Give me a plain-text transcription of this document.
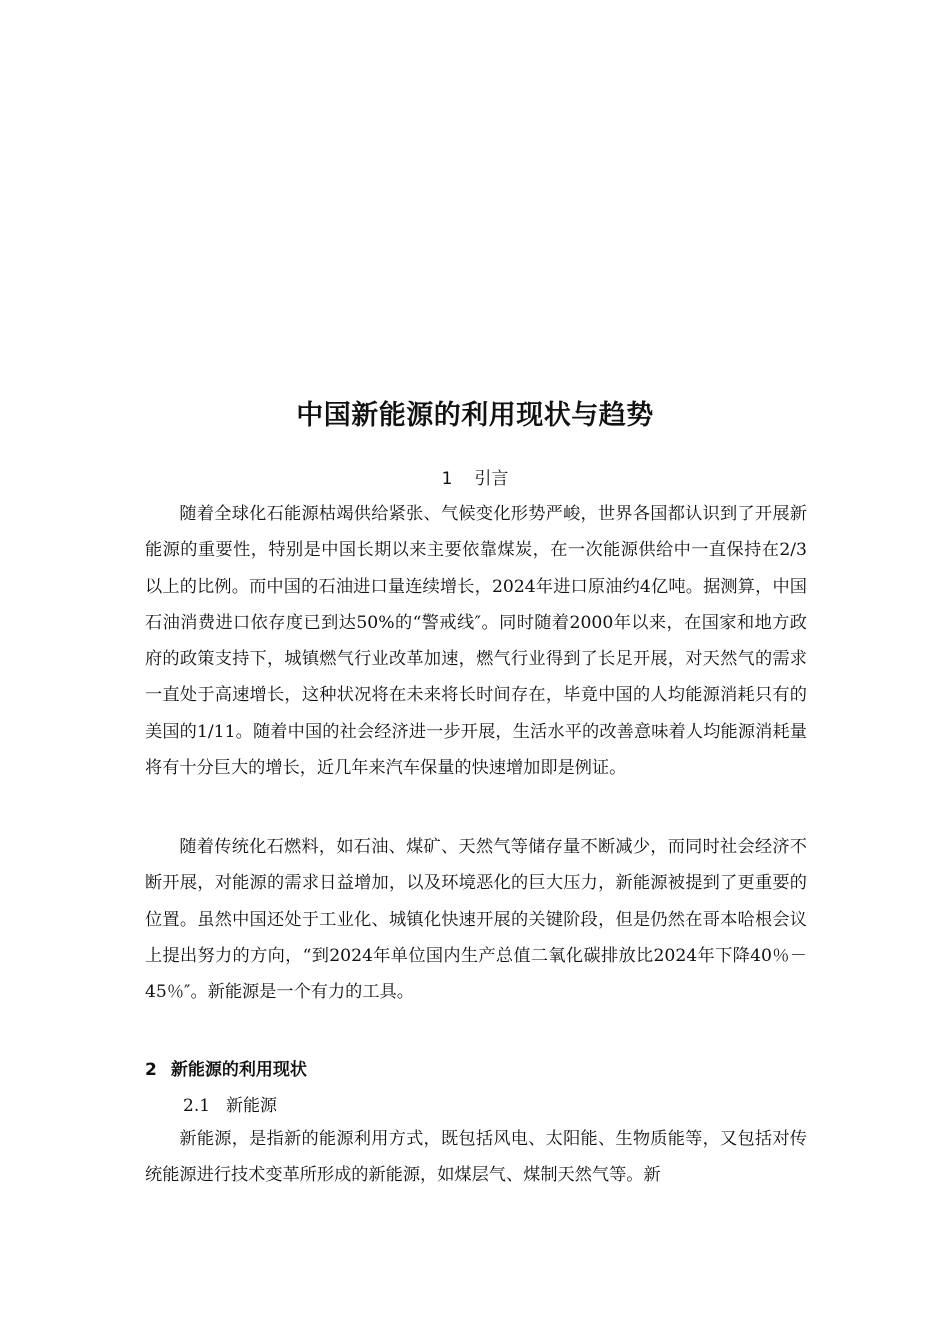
中国新能源的利用现状与趋势
1 引言

随着全球化石能源枯竭供给紧张、气候变化形势严峻，世界各国都认识到了开展新能源的重要性，特别是中国长期以来主要依靠煤炭，在一次能源供给中一直保持在2/3以上的比例。而中国的石油进口量连续增长，2024年进口原油约4亿吨。据测算，中国石油消费进口依存度已到达50%的“警戒线″。同时随着2000年以来，在国家和地方政府的政策支持下，城镇燃气行业改革加速，燃气行业得到了长足开展，对天然气的需求一直处于高速增长，这种状况将在未来将长时间存在，毕竟中国的人均能源消耗只有的美国的1/11。随着中国的社会经济进一步开展，生活水平的改善意味着人均能源消耗量将有十分巨大的增长，近几年来汽车保量的快速增加即是例证。

随着传统化石燃料，如石油、煤矿、天然气等储存量不断减少，而同时社会经济不断开展，对能源的需求日益增加，以及环境恶化的巨大压力，新能源被提到了更重要的位置。虽然中国还处于工业化、城镇化快速开展的关键阶段，但是仍然在哥本哈根会议上提出努力的方向，“到2024年单位国内生产总值二氧化碳排放比2024年下降40％－45％″。新能源是一个有力的工具。

2 新能源的利用现状
2.1 新能源

新能源，是指新的能源利用方式，既包括风电、太阳能、生物质能等，又包括对传统能源进行技术变革所形成的新能源，如煤层气、煤制天然气等。新
